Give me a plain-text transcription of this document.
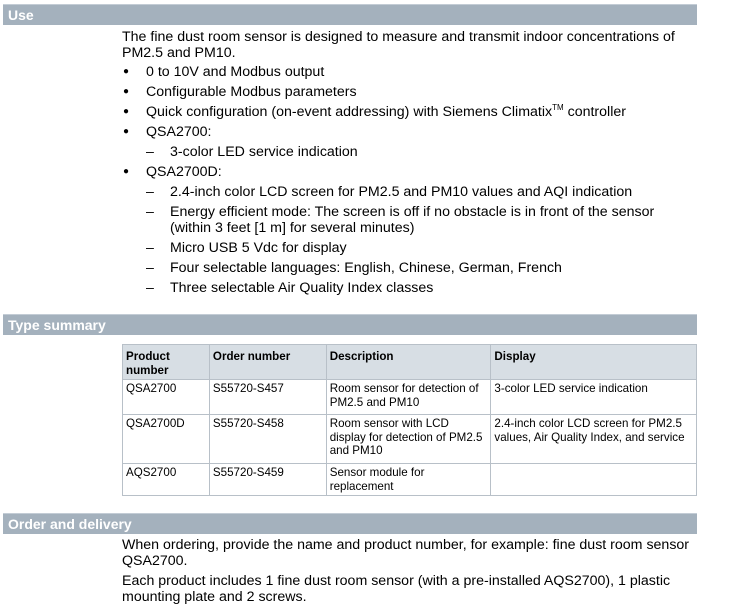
Use
The fine dust room sensor is designed to measure and transmit indoor concentrations of PM2.5 and PM10.
● 0 to 10V and Modbus output
● Configurable Modbus parameters
● Quick configuration (on-event addressing) with Siemens Climatix™ controller
● QSA2700:
– 3-color LED service indication
● QSA2700D:
– 2.4-inch color LCD screen for PM2.5 and PM10 values and AQI indication
– Energy efficient mode: The screen is off if no obstacle is in front of the sensor (within 3 feet [1 m] for several minutes)
– Micro USB 5 Vdc for display
– Four selectable languages: English, Chinese, German, French
– Three selectable Air Quality Index classes
Type summary
Product number	Order number	Description	Display
QSA2700	S55720-S457	Room sensor for detection of PM2.5 and PM10	3-color LED service indication
QSA2700D	S55720-S458	Room sensor with LCD display for detection of PM2.5 and PM10	2.4-inch color LCD screen for PM2.5 values, Air Quality Index, and service
AQS2700	S55720-S459	Sensor module for replacement	
Order and delivery
When ordering, provide the name and product number, for example: fine dust room sensor QSA2700.
Each product includes 1 fine dust room sensor (with a pre-installed AQS2700), 1 plastic mounting plate and 2 screws.
